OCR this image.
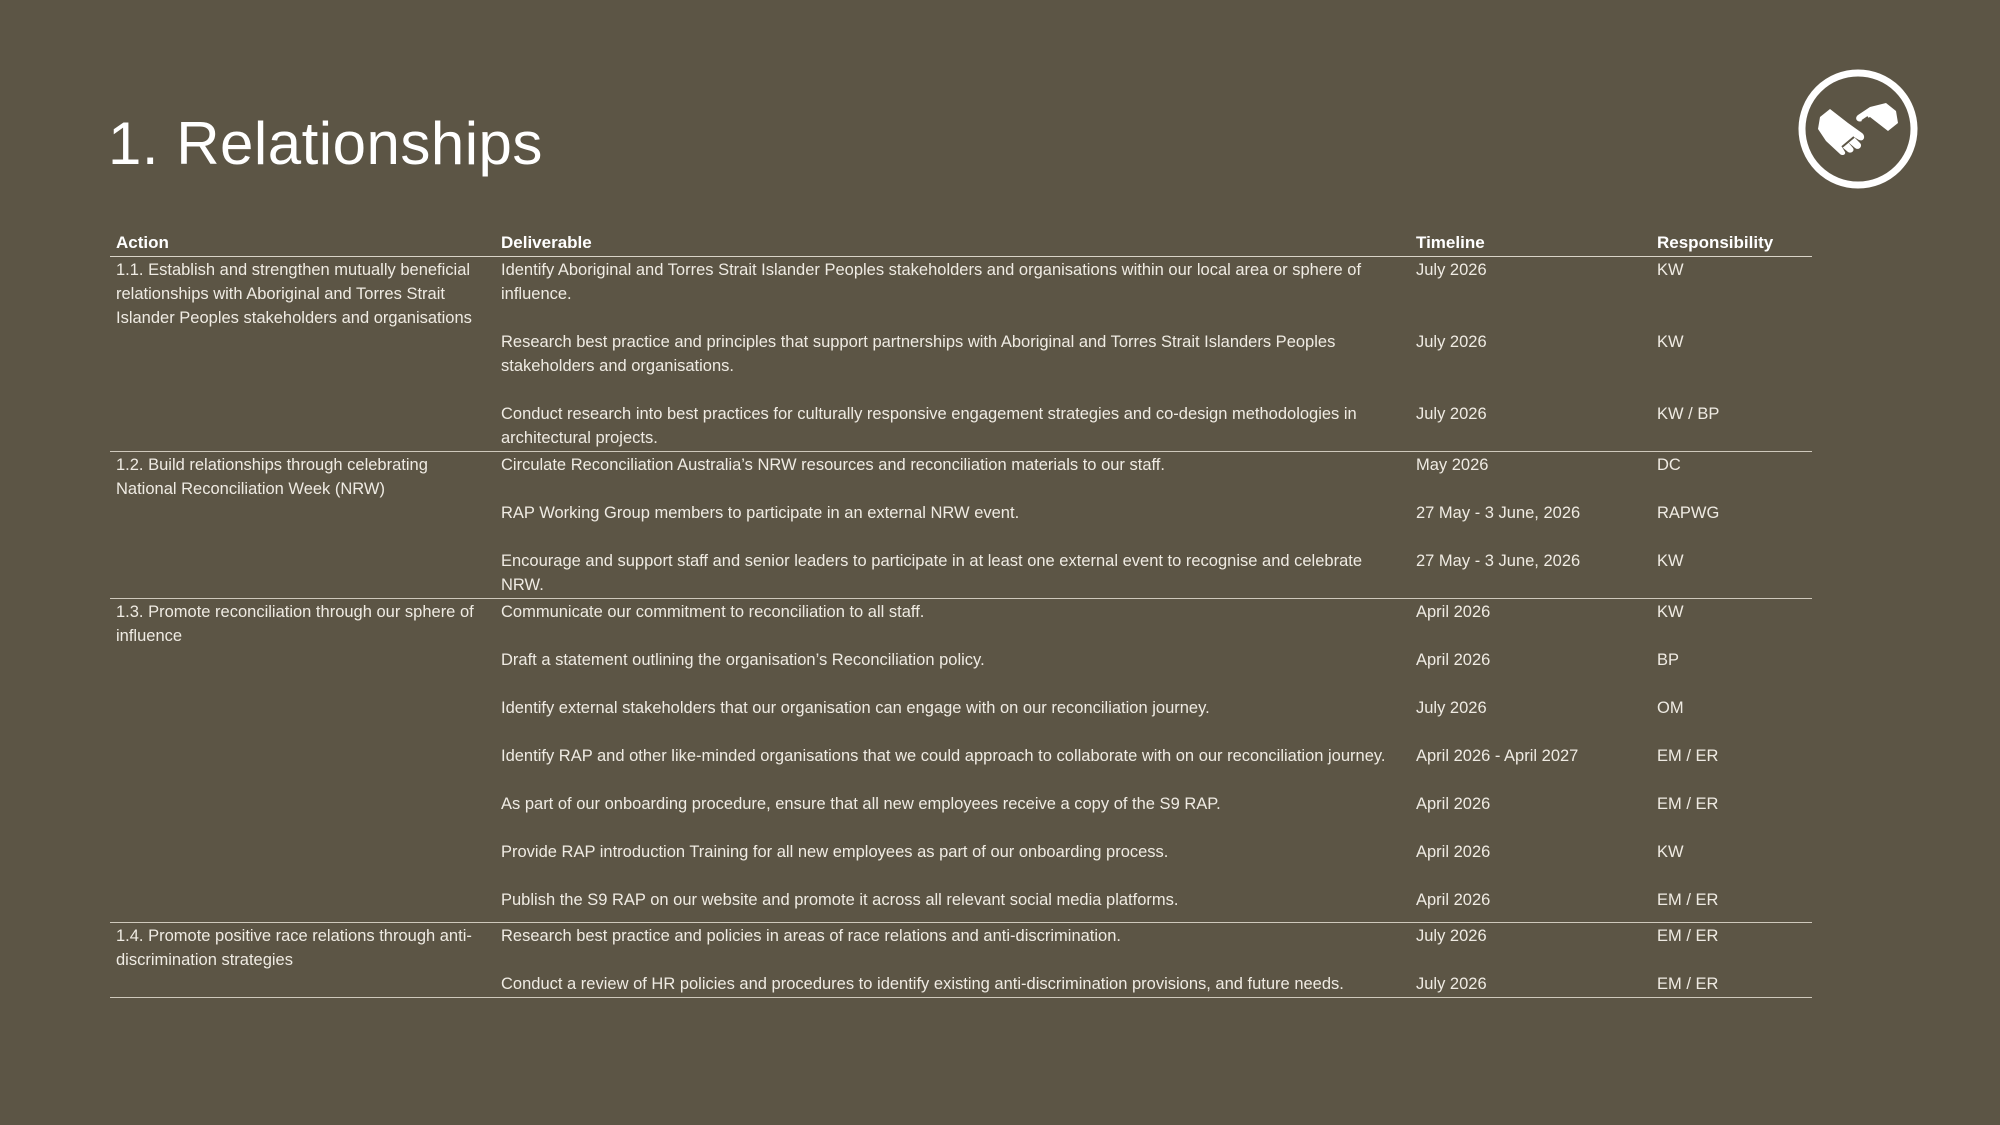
1. Relationships
Action	Deliverable	Timeline	Responsibility
1.1. Establish and strengthen mutually beneficial relationships with Aboriginal and Torres Strait Islander Peoples stakeholders and organisations	Identify Aboriginal and Torres Strait Islander Peoples stakeholders and organisations within our local area or sphere of influence.	July 2026	KW
	Research best practice and principles that support partnerships with Aboriginal and Torres Strait Islanders Peoples stakeholders and organisations.	July 2026	KW
	Conduct research into best practices for culturally responsive engagement strategies and co-design methodologies in architectural projects.	July 2026	KW / BP
1.2. Build relationships through celebrating National Reconciliation Week (NRW)	Circulate Reconciliation Australia’s NRW resources and reconciliation materials to our staff.	May 2026	DC
	RAP Working Group members to participate in an external NRW event.	27 May - 3 June, 2026	RAPWG
	Encourage and support staff and senior leaders to participate in at least one external event to recognise and celebrate NRW.	27 May - 3 June, 2026	KW
1.3. Promote reconciliation through our sphere of influence	Communicate our commitment to reconciliation to all staff.	April 2026	KW
	Draft a statement outlining the organisation’s Reconciliation policy.	April 2026	BP
	Identify external stakeholders that our organisation can engage with on our reconciliation journey.	July 2026	OM
	Identify RAP and other like-minded organisations that we could approach to collaborate with on our reconciliation journey.	April 2026 - April 2027	EM / ER
	As part of our onboarding procedure, ensure that all new employees receive a copy of the S9 RAP.	April 2026	EM / ER
	Provide RAP introduction Training for all new employees as part of our onboarding process.	April 2026	KW
	Publish the S9 RAP on our website and promote it across all relevant social media platforms.	April 2026	EM / ER
1.4. Promote positive race relations through anti-discrimination strategies	Research best practice and policies in areas of race relations and anti-discrimination.	July 2026	EM / ER
	Conduct a review of HR policies and procedures to identify existing anti-discrimination provisions, and future needs.	July 2026	EM / ER
